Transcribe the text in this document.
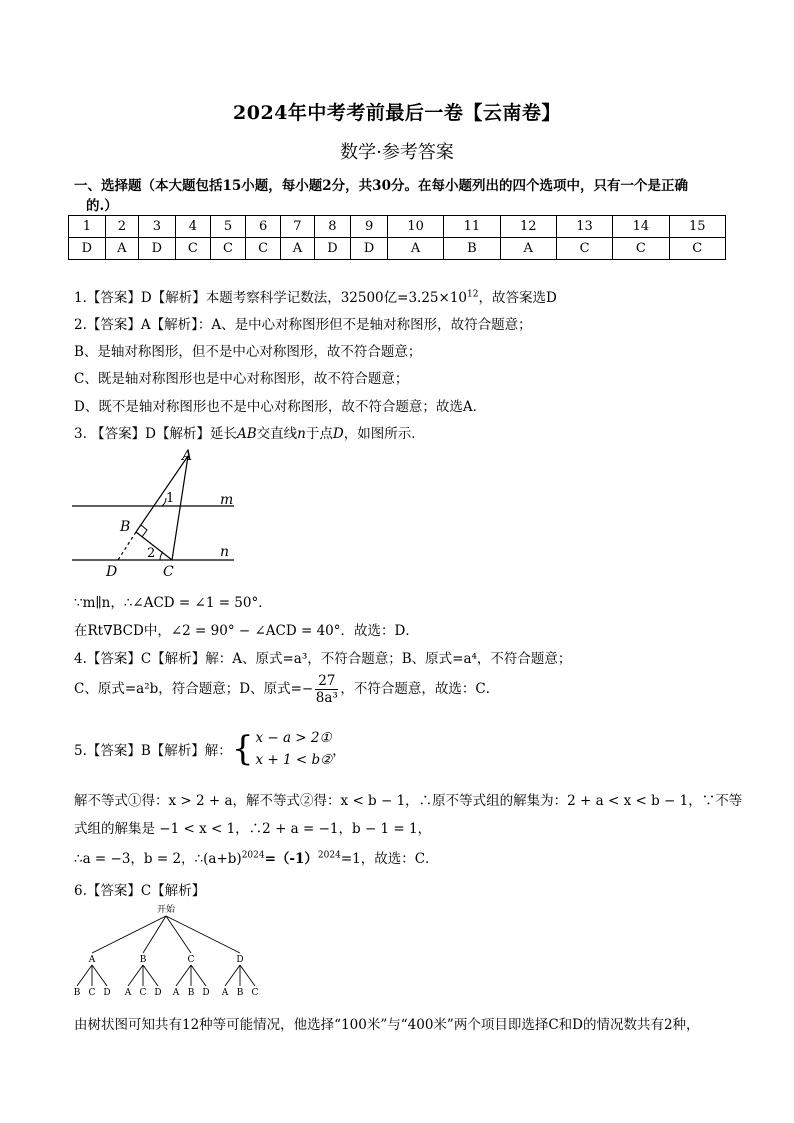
2024年中考考前最后一卷【云南卷】
数学·参考答案
一、选择题（本大题包括15小题，每小题2分，共30分。在每小题列出的四个选项中，只有一个是正确
的.）
1	2	3	4	5	6	7	8	9	10	11	12	13	14	15
D	A	D	C	C	C	A	D	D	A	B	A	C	C	C
1.【答案】D【解析】本题考察科学记数法，32500亿$=3.25\times 10^{12}$，故答案选D
2.【答案】A【解析】：A、是中心对称图形但不是轴对称图形，故符合题意；
B、是轴对称图形，但不是中心对称图形，故不符合题意；
C、既是轴对称图形也是中心对称图形，故不符合题意；
D、既不是轴对称图形也不是中心对称图形，故不符合题意；故选A．
3. 【答案】D【解析】延长AB交直线n于点D，如图所示．
A
B
C
D
m
n
1
2
∵m∥n，∴∠ACD = ∠1 = 50°．
在Rt∇BCD中，∠2 = 90° − ∠ACD = 40°．故选：D．
4.【答案】C【解析】解：A、原式=a³，不符合题意；B、原式=a⁴，不符合题意；
C、原式=a²b，符合题意；D、原式=− $\frac{27}{\text{8a³}}$ ，不符合题意，故选：C．
5.【答案】B【解析】解：{ x − a > 2①
x + 1 < b②
，
解不等式①得：x > 2 + a，解不等式②得：x < b − 1，∴原不等式组的解集为：2 + a < x < b − 1，∵不等
式组的解集是 −1 < x < 1，∴2 + a = −1，b − 1 = 1，
∴a = −3，b = 2，$\therefore(a+b)^{2024}=(-1)^{2024}=1$，故选：C．
6.【答案】C【解析】
开始
A
B C D
B
A C D
C
A B D
D
A B C
由树状图可知共有12种等可能情况，他选择“100米”与“400米”两个项目即选择C和D的情况数共有2种，
